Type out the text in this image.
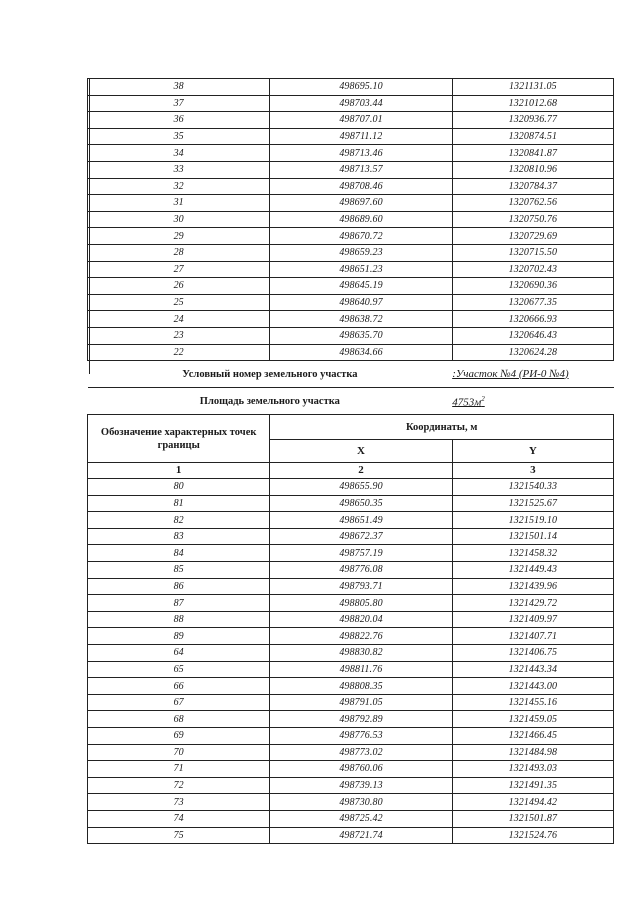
38	498695.10	1321131.05
37	498703.44	1321012.68
36	498707.01	1320936.77
35	498711.12	1320874.51
34	498713.46	1320841.87
33	498713.57	1320810.96
32	498708.46	1320784.37
31	498697.60	1320762.56
30	498689.60	1320750.76
29	498670.72	1320729.69
28	498659.23	1320715.50
27	498651.23	1320702.43
26	498645.19	1320690.36
25	498640.97	1320677.35
24	498638.72	1320666.93
23	498635.70	1320646.43
22	498634.66	1320624.28
Условный номер земельного участка		:Участок №4 (РИ-0 №4)
Площадь земельного участка		$4753м^2$
Обозначение характерных точек границы	Координаты, м	
	X	Y
1	2	3
80	498655.90	1321540.33
81	498650.35	1321525.67
82	498651.49	1321519.10
83	498672.37	1321501.14
84	498757.19	1321458.32
85	498776.08	1321449.43
86	498793.71	1321439.96
87	498805.80	1321429.72
88	498820.04	1321409.97
89	498822.76	1321407.71
64	498830.82	1321406.75
65	498811.76	1321443.34
66	498808.35	1321443.00
67	498791.05	1321455.16
68	498792.89	1321459.05
69	498776.53	1321466.45
70	498773.02	1321484.98
71	498760.06	1321493.03
72	498739.13	1321491.35
73	498730.80	1321494.42
74	498725.42	1321501.87
75	498721.74	1321524.76
